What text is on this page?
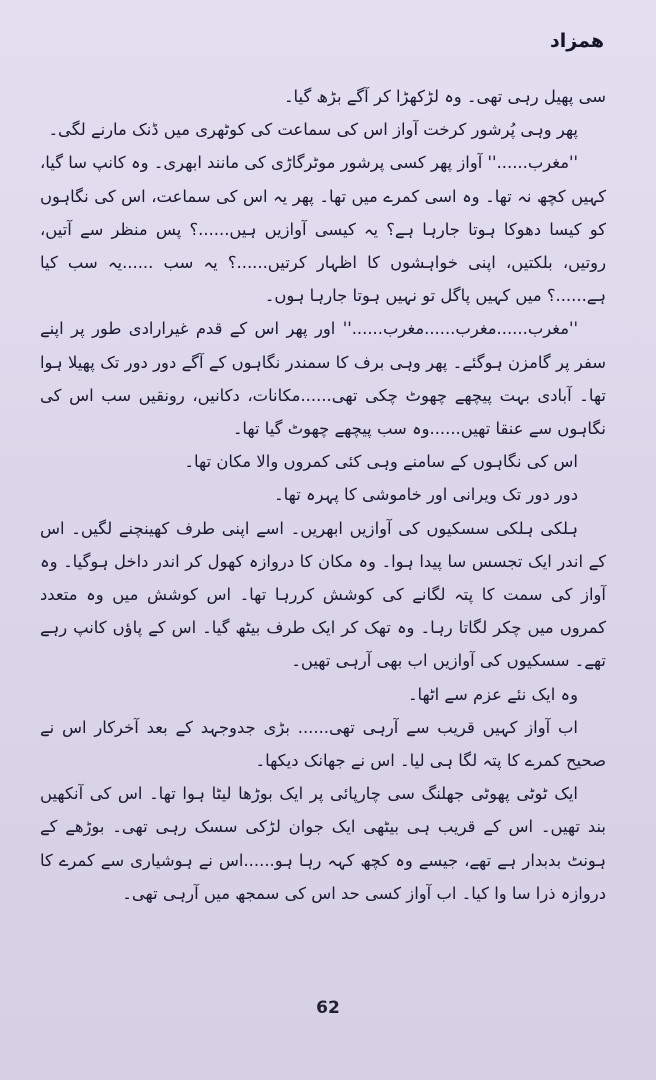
ھمزاد

سی پھیل رہی تھی۔ وہ لڑکھڑا کر آگے بڑھ گیا۔

پھر وہی پُرشور کرخت آواز اس کی سماعت کی کوٹھری میں ڈنک مارنے لگی۔

''مغرب......'' آواز پھر کسی پرشور موٹرگاڑی کی مانند ابھری۔ وہ کانپ سا گیا، کہیں کچھ نہ تھا۔ وہ اسی کمرے میں تھا۔ پھر یہ اس کی سماعت، اس کی نگاہوں کو کیسا دھوکا ہوتا جارہا ہے؟ یہ کیسی آوازیں ہیں......؟ پس منظر سے آتیں، روتیں، بلکتیں، اپنی خواہشوں کا اظہار کرتیں......؟ یہ سب ......یہ سب کیا ہے......؟ میں کہیں پاگل تو نہیں ہوتا جارہا ہوں۔

''مغرب......مغرب......مغرب......'' اور پھر اس کے قدم غیرارادی طور پر اپنے سفر پر گامزن ہوگئے۔ پھر وہی برف کا سمندر نگاہوں کے آگے دور دور تک پھیلا ہوا تھا۔ آبادی بہت پیچھے چھوٹ چکی تھی......مکانات، دکانیں، رونقیں سب اس کی نگاہوں سے عنقا تھیں......وہ سب پیچھے چھوٹ گیا تھا۔

اس کی نگاہوں کے سامنے وہی کئی کمروں والا مکان تھا۔

دور دور تک ویرانی اور خاموشی کا پہرہ تھا۔

ہلکی ہلکی سسکیوں کی آوازیں ابھریں۔ اسے اپنی طرف کھینچنے لگیں۔ اس کے اندر ایک تجسس سا پیدا ہوا۔ وہ مکان کا دروازہ کھول کر اندر داخل ہوگیا۔ وہ آواز کی سمت کا پتہ لگانے کی کوشش کررہا تھا۔ اس کوشش میں وہ متعدد کمروں میں چکر لگاتا رہا۔ وہ تھک کر ایک طرف بیٹھ گیا۔ اس کے پاؤں کانپ رہے تھے۔ سسکیوں کی آوازیں اب بھی آرہی تھیں۔

وہ ایک نئے عزم سے اٹھا۔

اب آواز کہیں قریب سے آرہی تھی...... بڑی جدوجہد کے بعد آخرکار اس نے صحیح کمرے کا پتہ لگا ہی لیا۔ اس نے جھانک دیکھا۔

ایک ٹوٹی پھوٹی جھلنگ سی چارپائی پر ایک بوڑھا لیٹا ہوا تھا۔ اس کی آنکھیں بند تھیں۔ اس کے قریب ہی بیٹھی ایک جوان لڑکی سسک رہی تھی۔ بوڑھے کے ہونٹ بدبدار ہے تھے، جیسے وہ کچھ کہہ رہا ہو......اس نے ہوشیاری سے کمرے کا دروازہ ذرا سا وا کیا۔ اب آواز کسی حد اس کی سمجھ میں آرہی تھی۔

62
